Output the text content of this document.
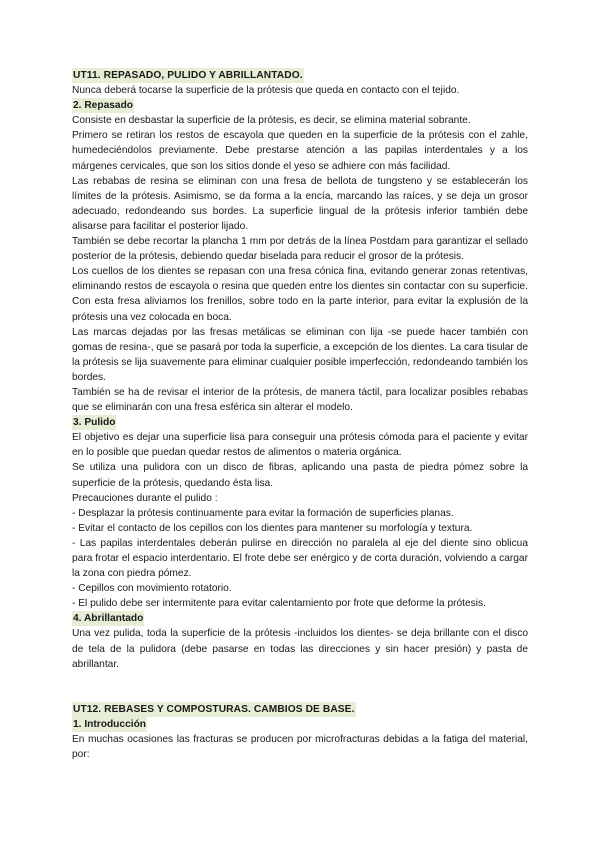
UT11. REPASADO, PULIDO Y ABRILLANTADO.

Nunca deberá tocarse la superficie de la prótesis que queda en contacto con el tejido.

2. Repasado

Consiste en desbastar la superficie de la prótesis, es decir, se elimina material sobrante.

Primero se retiran los restos de escayola que queden en la superficie de la prótesis con el zahle, humedeciéndolos previamente. Debe prestarse atención a las papilas interdentales y a los márgenes cervicales, que son los sitios donde el yeso se adhiere con más facilidad.

Las rebabas de resina se eliminan con una fresa de bellota de tungsteno y se establecerán los límites de la prótesis. Asimismo, se da forma a la encía, marcando las raíces, y se deja un grosor adecuado, redondeando sus bordes. La superficie lingual de la prótesis inferior también debe alisarse para facilitar el posterior lijado.

También se debe recortar la plancha 1 mm por detrás de la línea Postdam para garantizar el sellado posterior de la prótesis, debiendo quedar biselada para reducir el grosor de la prótesis.

Los cuellos de los dientes se repasan con una fresa cónica fina, evitando generar zonas retentivas, eliminando restos de escayola o resina que queden entre los dientes sin contactar con su superficie. Con esta fresa aliviamos los frenillos, sobre todo en la parte interior, para evitar la explusión de la prótesis una vez colocada en boca.

Las marcas dejadas por las fresas metálicas se eliminan con lija -se puede hacer también con gomas de resina-, que se pasará por toda la superficie, a excepción de los dientes. La cara tisular de la prótesis se lija suavemente para eliminar cualquier posible imperfección, redondeando también los bordes.

También se ha de revisar el interior de la prótesis, de manera táctil, para localizar posibles rebabas que se eliminarán con una fresa esférica sin alterar el modelo.

3. Pulido

El objetivo es dejar una superficie lisa para conseguir una prótesis cómoda para el paciente y evitar en lo posible que puedan quedar restos de alimentos o materia orgánica.

Se utiliza una pulidora con un disco de fibras, aplicando una pasta de piedra pómez sobre la superficie de la prótesis, quedando ésta lisa.

Precauciones durante el pulido :

- Desplazar la prótesis continuamente para evitar la formación de superficies planas.

- Evitar el contacto de los cepillos con los dientes para mantener su morfología y textura.

- Las papilas interdentales deberán pulirse en dirección no paralela al eje del diente sino oblicua para frotar el espacio interdentario. El frote debe ser enérgico y de corta duración, volviendo a cargar la zona con piedra pómez.

- Cepillos con movimiento rotatorio.

- El pulido debe ser intermitente para evitar calentamiento por frote que deforme la prótesis.

4. Abrillantado

Una vez pulida, toda la superficie de la prótesis -incluidos los dientes- se deja brillante con el disco de tela de la pulidora (debe pasarse en todas las direcciones y sin hacer presión) y pasta de abrillantar.

UT12. REBASES Y COMPOSTURAS. CAMBIOS DE BASE.
1. Introducción

En muchas ocasiones las fracturas se producen por microfracturas debidas a la fatiga del material, por:
